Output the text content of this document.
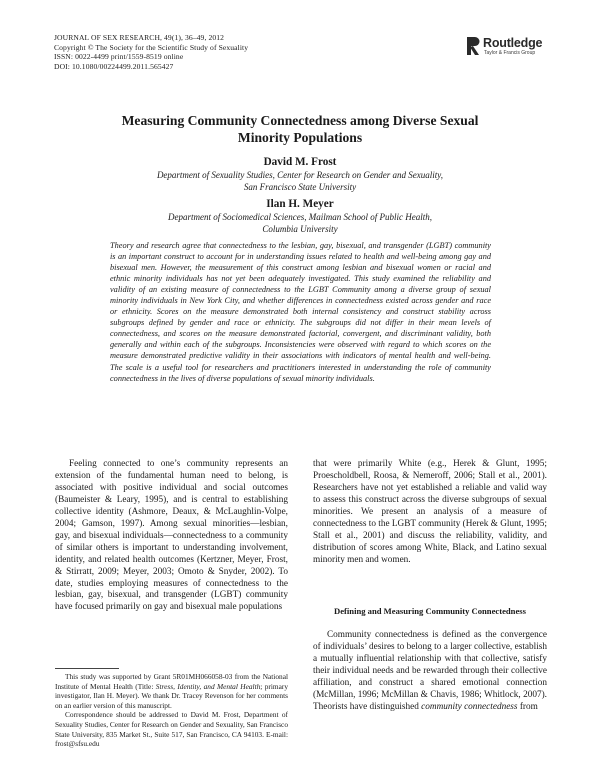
JOURNAL OF SEX RESEARCH, 49(1), 36–49, 2012
Copyright © The Society for the Scientific Study of Sexuality
ISSN: 0022-4499 print/1559-8519 online
DOI: 10.1080/00224499.2011.565427
Routledge
Taylor & Francis Group
Measuring Community Connectedness among Diverse Sexual Minority Populations
David M. Frost
Department of Sexuality Studies, Center for Research on Gender and Sexuality,
San Francisco State University
Ilan H. Meyer
Department of Sociomedical Sciences, Mailman School of Public Health,
Columbia University
Theory and research agree that connectedness to the lesbian, gay, bisexual, and transgender (LGBT) community is an important construct to account for in understanding issues related to health and well-being among gay and bisexual men. However, the measurement of this construct among lesbian and bisexual women or racial and ethnic minority individuals has not yet been adequately investigated. This study examined the reliability and validity of an existing measure of connectedness to the LGBT Community among a diverse group of sexual minority individuals in New York City, and whether differences in connectedness existed across gender and race or ethnicity. Scores on the measure demonstrated both internal consistency and construct stability across subgroups defined by gender and race or ethnicity. The subgroups did not differ in their mean levels of connectedness, and scores on the measure demonstrated factorial, convergent, and discriminant validity, both generally and within each of the subgroups. Inconsistencies were observed with regard to which scores on the measure demonstrated predictive validity in their associations with indicators of mental health and well-being. The scale is a useful tool for researchers and practitioners interested in understanding the role of community connectedness in the lives of diverse populations of sexual minority individuals.

Feeling connected to one’s community represents an extension of the fundamental human need to belong, is associated with positive individual and social outcomes (Baumeister & Leary, 1995), and is central to establishing collective identity (Ashmore, Deaux, & McLaughlin-Volpe, 2004; Gamson, 1997). Among sexual minorities—lesbian, gay, and bisexual individuals—connectedness to a community of similar others is important to understanding involvement, identity, and related health outcomes (Kertzner, Meyer, Frost, & Stirratt, 2009; Meyer, 2003; Omoto & Snyder, 2002). To date, studies employing measures of connectedness to the lesbian, gay, bisexual, and transgender (LGBT) community have focused primarily on gay and bisexual male populations

that were primarily White (e.g., Herek & Glunt, 1995; Proescholdbell, Roosa, & Nemeroff, 2006; Stall et al., 2001). Researchers have not yet established a reliable and valid way to assess this construct across the diverse subgroups of sexual minorities. We present an analysis of a measure of connectedness to the LGBT community (Herek & Glunt, 1995; Stall et al., 2001) and discuss the reliability, validity, and distribution of scores among White, Black, and Latino sexual minority men and women.

Defining and Measuring Community Connectedness

Community connectedness is defined as the convergence of individuals’ desires to belong to a larger collective, establish a mutually influential relationship with that collective, satisfy their individual needs and be rewarded through their collective affiliation, and construct a shared emotional connection (McMillan, 1996; McMillan & Chavis, 1986; Whitlock, 2007). Theorists have distinguished community connectedness from

This study was supported by Grant 5R01MH066058-03 from the National Institute of Mental Health (Title: Stress, Identity, and Mental Health; primary investigator, Ilan H. Meyer). We thank Dr. Tracey Revenson for her comments on an earlier version of this manuscript.

Correspondence should be addressed to David M. Frost, Department of Sexuality Studies, Center for Research on Gender and Sexuality, San Francisco State University, 835 Market St., Suite 517, San Francisco, CA 94103. E-mail: frost@sfsu.edu
